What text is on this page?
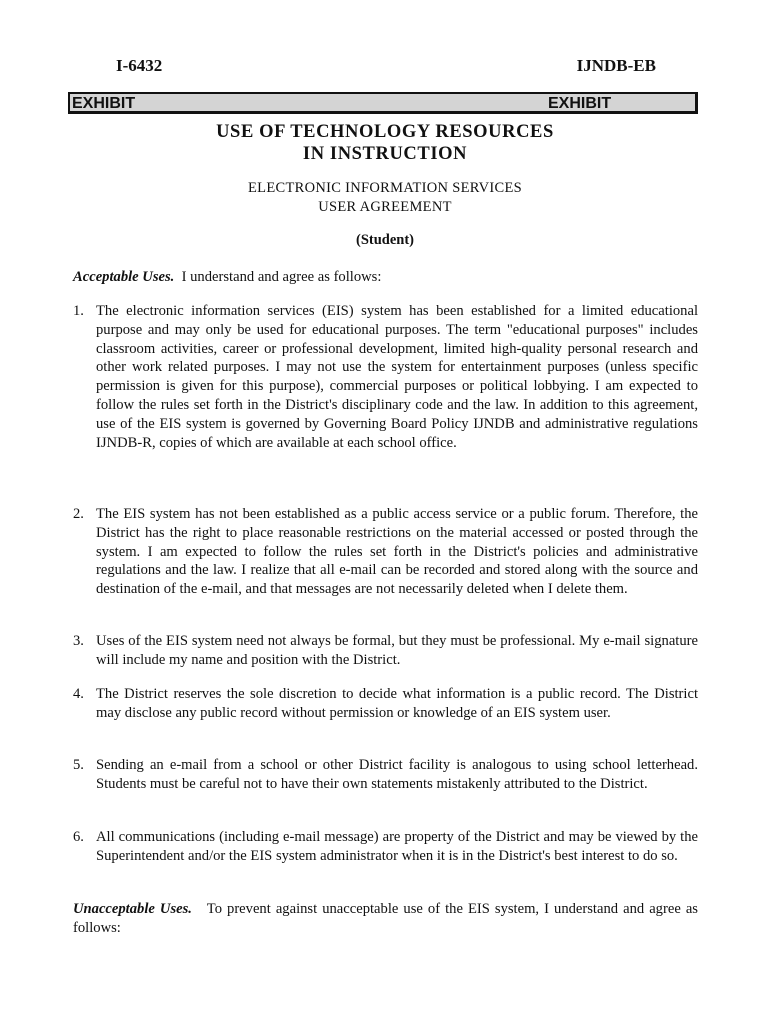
I-6432	IJNDB-EB
EXHIBIT	EXHIBIT
USE OF TECHNOLOGY RESOURCES
IN INSTRUCTION
ELECTRONIC INFORMATION SERVICES
USER AGREEMENT
(Student)
Acceptable Uses.  I understand and agree as follows:
1. The electronic information services (EIS) system has been established for a limited educational purpose and may only be used for educational purposes. The term "educational purposes" includes classroom activities, career or professional development, limited high-quality personal research and other work related purposes. I may not use the system for entertainment purposes (unless specific permission is given for this purpose), commercial purposes or political lobbying. I am expected to follow the rules set forth in the District's disciplinary code and the law. In addition to this agreement, use of the EIS system is governed by Governing Board Policy IJNDB and administrative regulations IJNDB-R, copies of which are available at each school office.
2. The EIS system has not been established as a public access service or a public forum. Therefore, the District has the right to place reasonable restrictions on the material accessed or posted through the system. I am expected to follow the rules set forth in the District's policies and administrative regulations and the law. I realize that all e-mail can be recorded and stored along with the source and destination of the e-mail, and that messages are not necessarily deleted when I delete them.
3. Uses of the EIS system need not always be formal, but they must be professional. My e-mail signature will include my name and position with the District.
4. The District reserves the sole discretion to decide what information is a public record. The District may disclose any public record without permission or knowledge of an EIS system user.
5. Sending an e-mail from a school or other District facility is analogous to using school letterhead. Students must be careful not to have their own statements mistakenly attributed to the District.
6. All communications (including e-mail message) are property of the District and may be viewed by the Superintendent and/or the EIS system administrator when it is in the District's best interest to do so.
Unacceptable Uses.   To prevent against unacceptable use of the EIS system, I understand and agree as follows:
